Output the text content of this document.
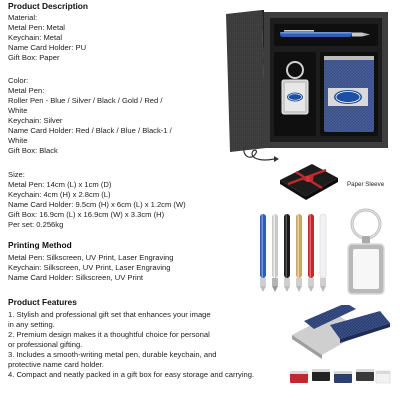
Product Description
Material:
Metal Pen: Metal
Keychain: Metal
Name Card Holder: PU
Gift Box: Paper
Color:
Metal Pen:
Roller Pen - Blue / Silver / Black / Gold / Red /
White
Keychain: Silver
Name Card Holder: Red / Black / Blue / Black-1 /
White
Gift Box: Black
Size:
Metal Pen: 14cm (L) x 1cm (D)
Keychain: 4cm (H) x 2.8cm (L)
Name Card Holder: 9.5cm (H) x 6cm (L) x 1.2cm (W)
Gift Box: 16.9cm (L) x 16.9cm (W) x 3.3cm (H)
Per set: 0.256kg
Printing Method
Metal Pen: Silkscreen, UV Print, Laser Engraving
Keychain: Silkscreen, UV Print, Laser Engraving
Name Card Holder: Silkscreen, UV Print
Product Features
1. Stylish and professional gift set that enhances your image
in any setting.
2. Premium design makes it a thoughtful choice for personal
or professional gifting.
3. Includes a smooth-writing metal pen, durable keychain, and
protective name card holder.
4. Compact and neatly packed in a gift box for easy storage and carrying.
Paper Sleeve
